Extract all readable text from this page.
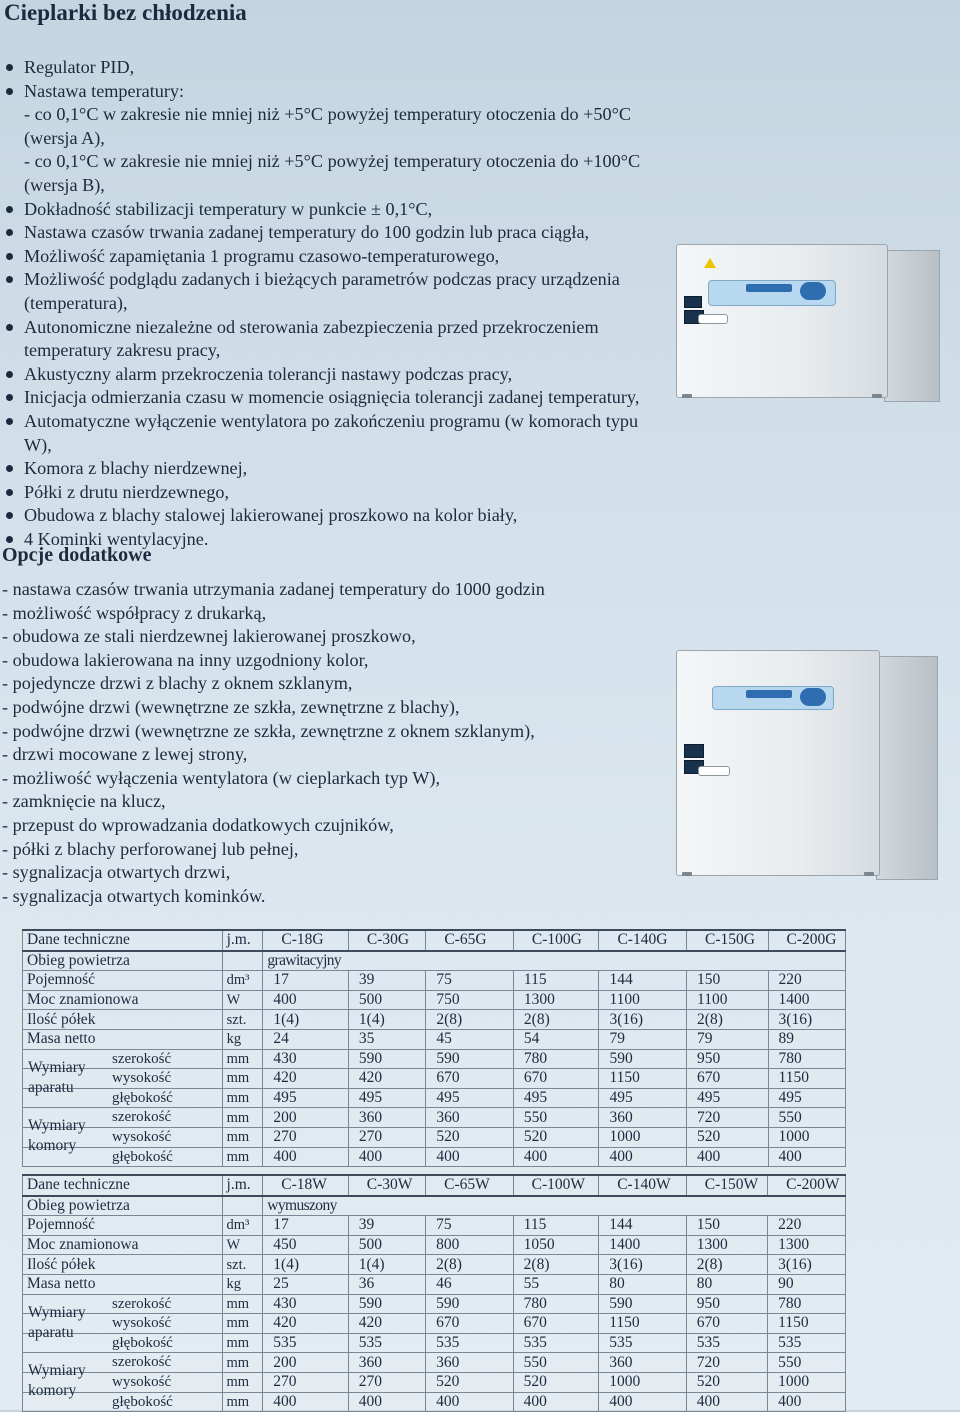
Cieplarki bez chłodzenia
Regulator PID,
Nastawa temperatury:
- co 0,1°C w zakresie nie mniej niż +5°C powyżej temperatury otoczenia do +50°C (wersja A),
- co 0,1°C w zakresie nie mniej niż +5°C powyżej temperatury otoczenia do +100°C (wersja B),
Dokładność stabilizacji temperatury w punkcie ± 0,1°C,
Nastawa czasów trwania zadanej temperatury do 100 godzin lub praca ciągła,
Możliwość zapamiętania 1 programu czasowo-temperaturowego,
Możliwość podglądu zadanych i bieżących parametrów podczas pracy urządzenia (temperatura),
Autonomiczne niezależne od sterowania zabezpieczenia przed przekroczeniem temperatury zakresu pracy,
Akustyczny alarm przekroczenia tolerancji nastawy podczas pracy,
Inicjacja odmierzania czasu w momencie osiągnięcia tolerancji zadanej temperatury,
Automatyczne wyłączenie wentylatora po zakończeniu programu (w komorach typu W),
Komora z blachy nierdzewnej,
Półki z drutu nierdzewnego,
Obudowa z blachy stalowej lakierowanej proszkowo na kolor biały,
4 Kominki wentylacyjne.
Opcje dodatkowe
- nastawa czasów trwania utrzymania zadanej temperatury do 1000 godzin
- możliwość współpracy z drukarką,
- obudowa ze stali nierdzewnej lakierowanej proszkowo,
- obudowa lakierowana na inny uzgodniony kolor,
- pojedyncze drzwi z blachy z oknem szklanym,
- podwójne drzwi (wewnętrzne ze szkła, zewnętrzne z blachy),
- podwójne drzwi (wewnętrzne ze szkła, zewnętrzne z oknem szklanym),
- drzwi mocowane z lewej strony,
- możliwość wyłączenia wentylatora (w cieplarkach typ W),
- zamknięcie na klucz,
- przepust do wprowadzania dodatkowych czujników,
- półki z blachy perforowanej lub pełnej,
- sygnalizacja otwartych drzwi,
- sygnalizacja otwartych kominków.
Dane techniczne	j.m.	C-18G	C-30G	C-65G	C-100G	C-140G	C-150G	C-200G
Obieg powietrza		grawitacyjny						
Pojemność	dm³	17	39	75	115	144	150	220
Moc znamionowa	W	400	500	750	1300	1100	1100	1400
Ilość półek	szt.	1(4)	1(4)	2(8)	2(8)	3(16)	2(8)	3(16)
Masa netto	kg	24	35	45	54	79	79	89

Wymiary aparatu
szerokość	mm	430	590	590	780	590	950	780

wysokość	mm	420	420	670	670	1150	670	1150

głębokość	mm	495	495	495	495	495	495	495

Wymiary komory
szerokość	mm	200	360	360	550	360	720	550

wysokość	mm	270	270	520	520	1000	520	1000

głębokość	mm	400	400	400	400	400	400	400
Dane techniczne	j.m.	C-18W	C-30W	C-65W	C-100W	C-140W	C-150W	C-200W
Obieg powietrza		wymuszony						
Pojemność	dm³	17	39	75	115	144	150	220
Moc znamionowa	W	450	500	800	1050	1400	1300	1300
Ilość półek	szt.	1(4)	1(4)	2(8)	2(8)	3(16)	2(8)	3(16)
Masa netto	kg	25	36	46	55	80	80	90

Wymiary aparatu
szerokość	mm	430	590	590	780	590	950	780

wysokość	mm	420	420	670	670	1150	670	1150

głębokość	mm	535	535	535	535	535	535	535

Wymiary komory
szerokość	mm	200	360	360	550	360	720	550

wysokość	mm	270	270	520	520	1000	520	1000

głębokość	mm	400	400	400	400	400	400	400
